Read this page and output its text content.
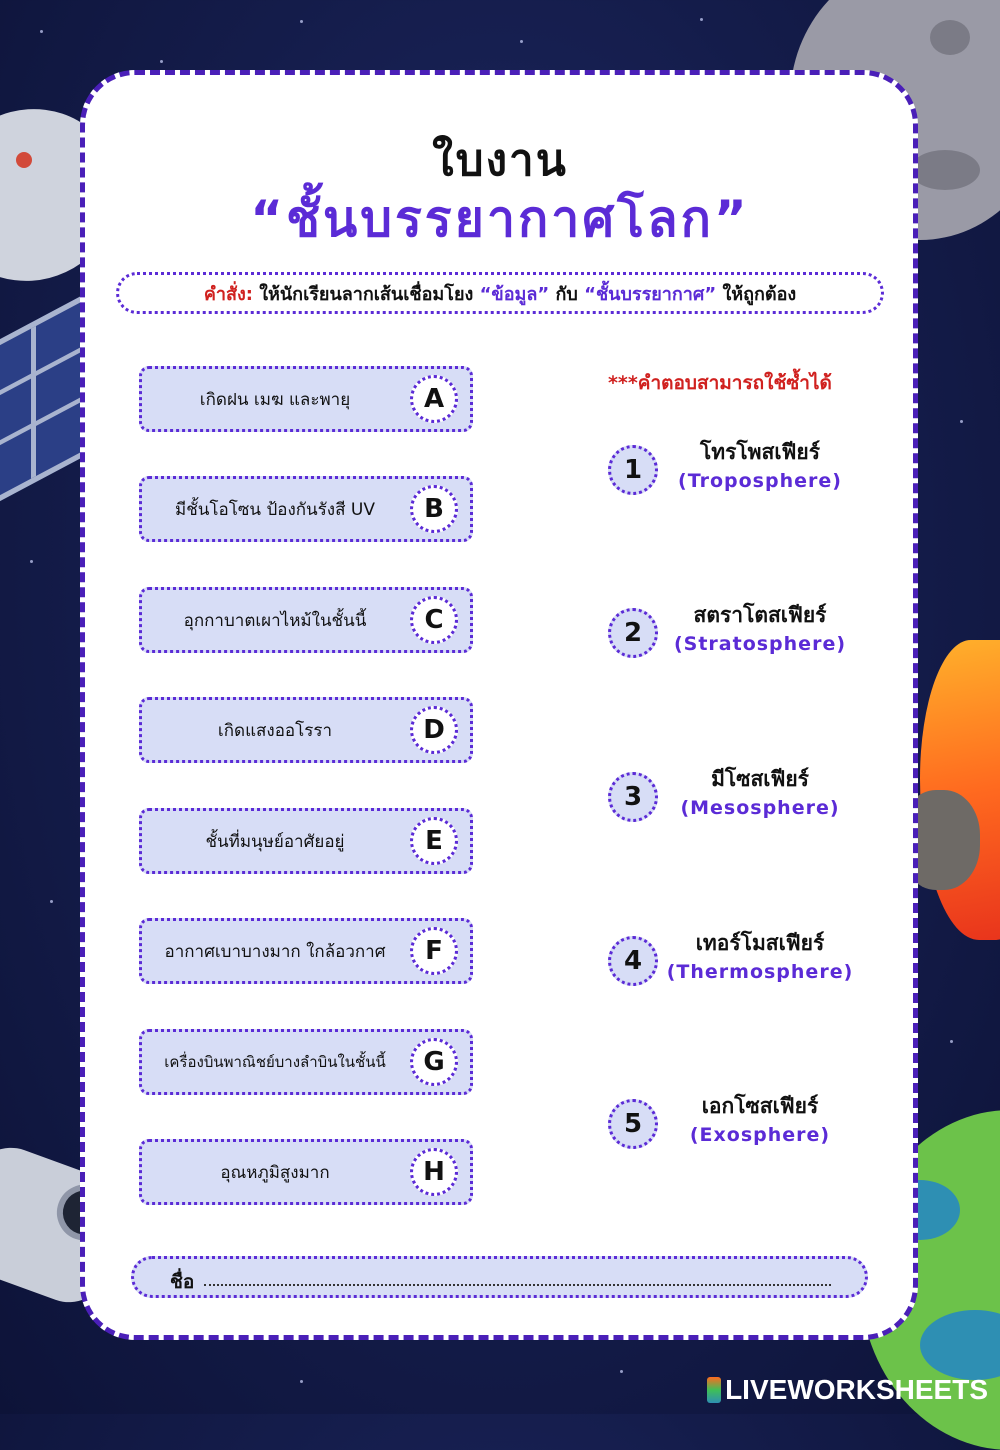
ใบงาน
“ชั้นบรรยากาศโลก”
คำสั่ง:
ให้นักเรียนลากเส้นเชื่อมโยง
“ข้อมูล”
กับ
“ชั้นบรรยากาศ”
ให้ถูกต้อง
***คำตอบสามารถใช้ซ้ำได้
เกิดฝน เมฆ และพายุ	A
มีชั้นโอโซน ป้องกันรังสี UV	B
อุกกาบาตเผาไหม้ในชั้นนี้	C
เกิดแสงออโรรา	D
ชั้นที่มนุษย์อาศัยอยู่	E
อากาศเบาบางมาก ใกล้อวกาศ	F
เครื่องบินพาณิชย์บางลำบินในชั้นนี้	G
อุณหภูมิสูงมาก	H
1
โทรโพสเฟียร์
(Troposphere)
2
สตราโตสเฟียร์
(Stratosphere)
3
มีโซสเฟียร์
(Mesosphere)
4
เทอร์โมสเฟียร์
(Thermosphere)
5
เอกโซสเฟียร์
(Exosphere)
ชื่อ
LIVEWORKSHEETS
